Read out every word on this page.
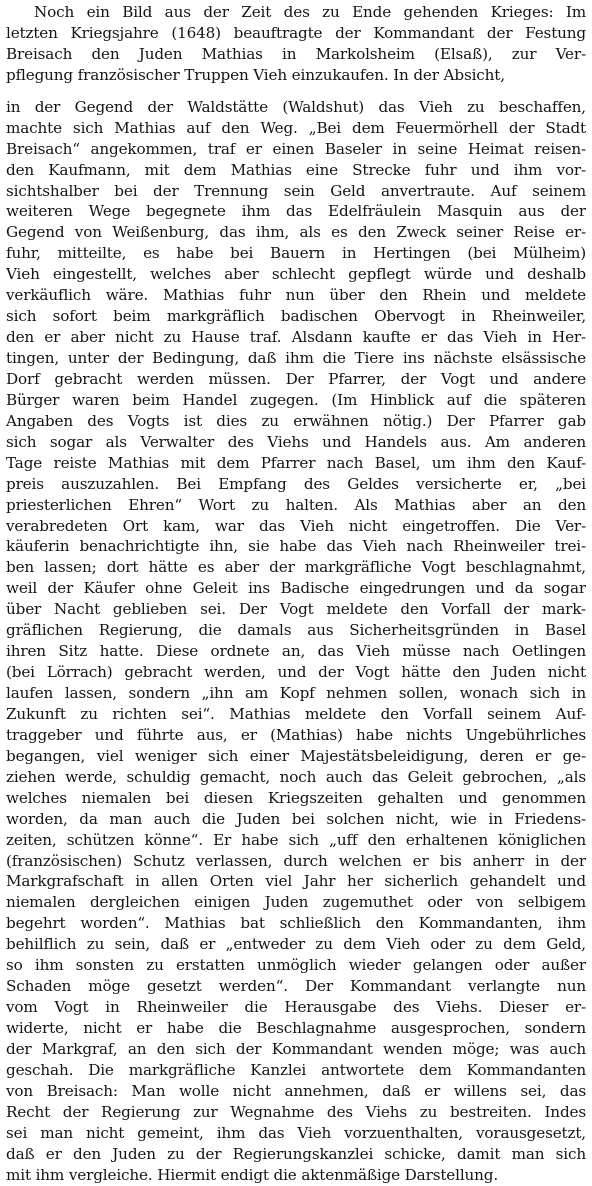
Noch ein Bild aus der Zeit des zu Ende gehenden Krieges: Im
letzten Kriegsjahre (1648) beauftragte der Kommandant der Festung
Breisach den Juden Mathias in Markolsheim (Elsaß), zur Ver-
pflegung französischer Truppen Vieh einzukaufen. In der Absicht,
in der Gegend der Waldstätte (Waldshut) das Vieh zu beschaffen,
machte sich Mathias auf den Weg. „Bei dem Feuermörhell der Stadt
Breisach“ angekommen, traf er einen Baseler in seine Heimat reisen-
den Kaufmann, mit dem Mathias eine Strecke fuhr und ihm vor-
sichtshalber bei der Trennung sein Geld anvertraute. Auf seinem
weiteren Wege begegnete ihm das Edelfräulein Masquin aus der
Gegend von Weißenburg, das ihm, als es den Zweck seiner Reise er-
fuhr, mitteilte, es habe bei Bauern in Hertingen (bei Mülheim)
Vieh eingestellt, welches aber schlecht gepflegt würde und deshalb
verkäuflich wäre. Mathias fuhr nun über den Rhein und meldete
sich sofort beim markgräflich badischen Obervogt in Rheinweiler,
den er aber nicht zu Hause traf. Alsdann kaufte er das Vieh in Her-
tingen, unter der Bedingung, daß ihm die Tiere ins nächste elsässische
Dorf gebracht werden müssen. Der Pfarrer, der Vogt und andere
Bürger waren beim Handel zugegen. (Im Hinblick auf die späteren
Angaben des Vogts ist dies zu erwähnen nötig.) Der Pfarrer gab
sich sogar als Verwalter des Viehs und Handels aus. Am anderen
Tage reiste Mathias mit dem Pfarrer nach Basel, um ihm den Kauf-
preis auszuzahlen. Bei Empfang des Geldes versicherte er, „bei
priesterlichen Ehren“ Wort zu halten. Als Mathias aber an den
verabredeten Ort kam, war das Vieh nicht eingetroffen. Die Ver-
käuferin benachrichtigte ihn, sie habe das Vieh nach Rheinweiler trei-
ben lassen; dort hätte es aber der markgräfliche Vogt beschlagnahmt,
weil der Käufer ohne Geleit ins Badische eingedrungen und da sogar
über Nacht geblieben sei. Der Vogt meldete den Vorfall der mark-
gräflichen Regierung, die damals aus Sicherheitsgründen in Basel
ihren Sitz hatte. Diese ordnete an, das Vieh müsse nach Oetlingen
(bei Lörrach) gebracht werden, und der Vogt hätte den Juden nicht
laufen lassen, sondern „ihn am Kopf nehmen sollen, wonach sich in
Zukunft zu richten sei“. Mathias meldete den Vorfall seinem Auf-
traggeber und führte aus, er (Mathias) habe nichts Ungebührliches
begangen, viel weniger sich einer Majestätsbeleidigung, deren er ge-
ziehen werde, schuldig gemacht, noch auch das Geleit gebrochen, „als
welches niemalen bei diesen Kriegszeiten gehalten und genommen
worden, da man auch die Juden bei solchen nicht, wie in Friedens-
zeiten, schützen könne“. Er habe sich „uff den erhaltenen königlichen
(französischen) Schutz verlassen, durch welchen er bis anherr in der
Markgrafschaft in allen Orten viel Jahr her sicherlich gehandelt und
niemalen dergleichen einigen Juden zugemuthet oder von selbigem
begehrt worden“. Mathias bat schließlich den Kommandanten, ihm
behilflich zu sein, daß er „entweder zu dem Vieh oder zu dem Geld,
so ihm sonsten zu erstatten unmöglich wieder gelangen oder außer
Schaden möge gesetzt werden“. Der Kommandant verlangte nun
vom Vogt in Rheinweiler die Herausgabe des Viehs. Dieser er-
widerte, nicht er habe die Beschlagnahme ausgesprochen, sondern
der Markgraf, an den sich der Kommandant wenden möge; was auch
geschah. Die markgräfliche Kanzlei antwortete dem Kommandanten
von Breisach: Man wolle nicht annehmen, daß er willens sei, das
Recht der Regierung zur Wegnahme des Viehs zu bestreiten. Indes
sei man nicht gemeint, ihm das Vieh vorzuenthalten, vorausgesetzt,
daß er den Juden zu der Regierungskanzlei schicke, damit man sich
mit ihm vergleiche. Hiermit endigt die aktenmäßige Darstellung.
